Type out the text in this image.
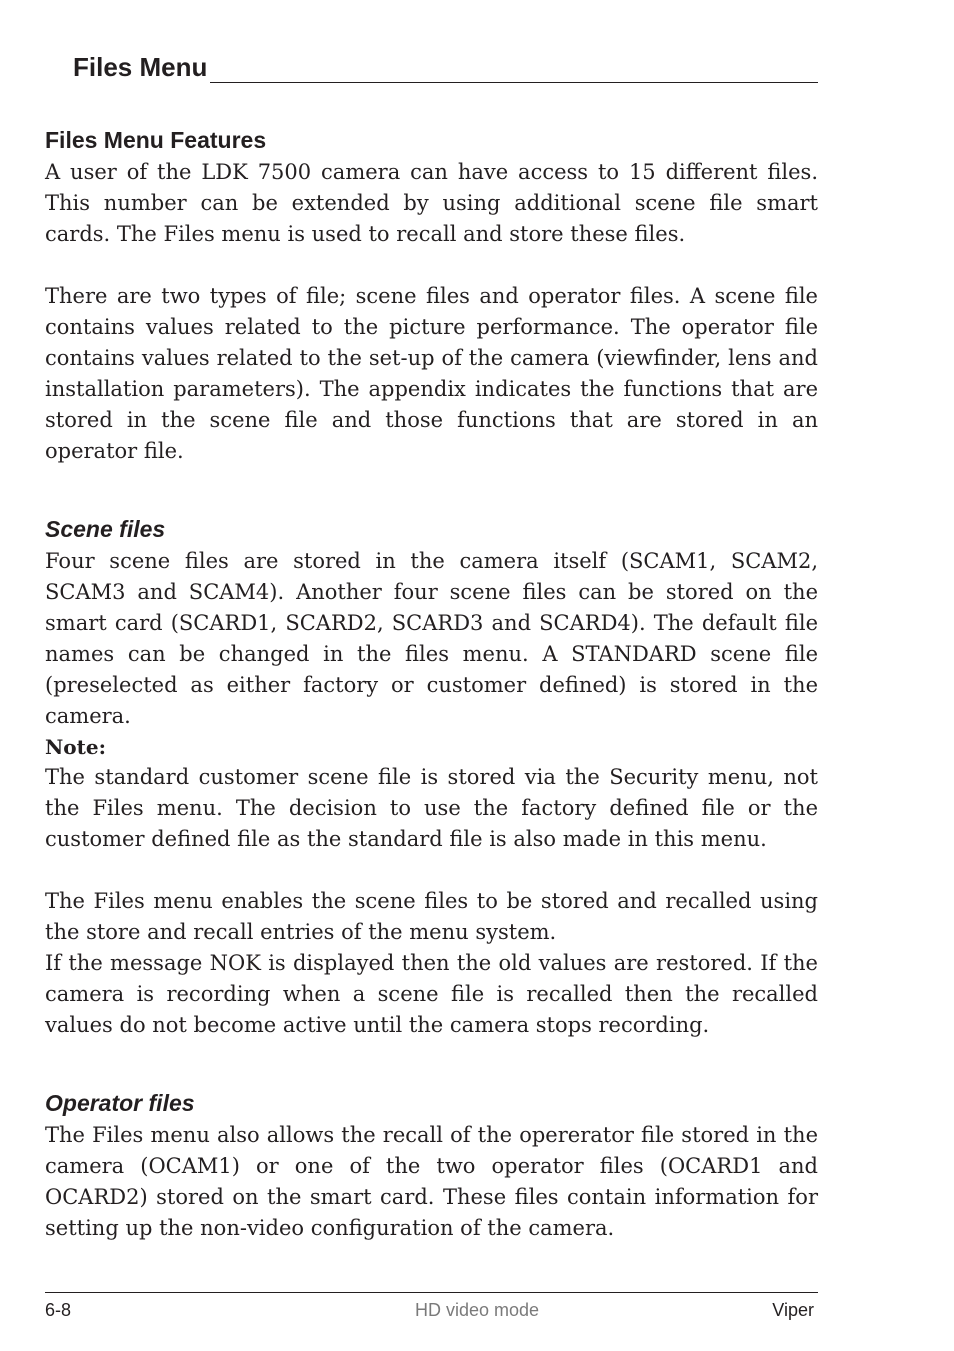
Files Menu
Files Menu Features

A user of the LDK 7500 camera can have access to 15 different files. This number can be extended by using additional scene file smart cards. The Files menu is used to recall and store these files.

There are two types of file; scene files and operator files. A scene file contains values related to the picture performance. The operator file contains values related to the set-up of the camera (viewfinder, lens and installation parameters). The appendix indicates the functions that are stored in the scene file and those functions that are stored in an operator file.

Scene files

Four scene files are stored in the camera itself (SCAM1, SCAM2, SCAM3 and SCAM4). Another four scene files can be stored on the smart card (SCARD1, SCARD2, SCARD3 and SCARD4). The default file names can be changed in the files menu. A STANDARD scene file (preselected as either factory or customer defined) is stored in the camera.

Note:

The standard customer scene file is stored via the Security menu, not the Files menu. The decision to use the factory defined file or the customer defined file as the standard file is also made in this menu.

The Files menu enables the scene files to be stored and recalled using the store and recall entries of the menu system.

If the message NOK is displayed then the old values are restored. If the camera is recording when a scene file is recalled then the recalled values do not become active until the camera stops recording.

Operator files

The Files menu also allows the recall of the opererator file stored in the camera (OCAM1) or one of the two operator files (OCARD1 and OCARD2) stored on the smart card. These files contain information for setting up the non-video configuration of the camera.

6-8	HD video mode	Viper
